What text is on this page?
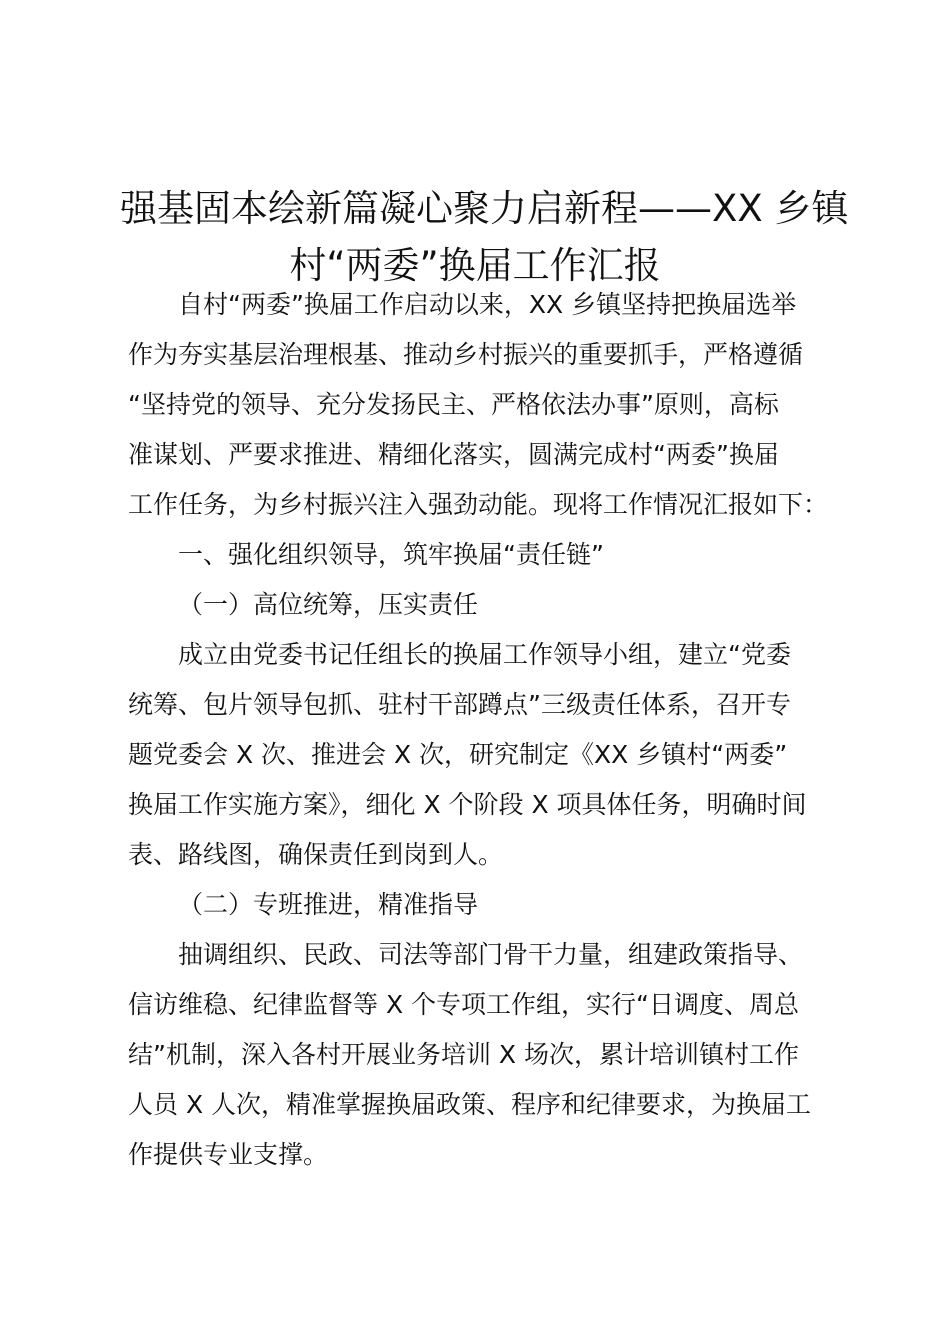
强基固本绘新篇凝心聚力启新程——XX 乡镇
村“两委”换届工作汇报

自村“两委”换届工作启动以来，XX 乡镇坚持把换届选举
作为夯实基层治理根基、推动乡村振兴的重要抓手，严格遵循
“坚持党的领导、充分发扬民主、严格依法办事”原则，高标
准谋划、严要求推进、精细化落实，圆满完成村“两委”换届
工作任务，为乡村振兴注入强劲动能。现将工作情况汇报如下：

一、强化组织领导，筑牢换届“责任链”

（一）高位统筹，压实责任

成立由党委书记任组长的换届工作领导小组，建立“党委
统筹、包片领导包抓、驻村干部蹲点”三级责任体系，召开专
题党委会 X 次、推进会 X 次，研究制定《XX 乡镇村“两委”
换届工作实施方案》，细化 X 个阶段 X 项具体任务，明确时间
表、路线图，确保责任到岗到人。

（二）专班推进，精准指导

抽调组织、民政、司法等部门骨干力量，组建政策指导、
信访维稳、纪律监督等 X 个专项工作组，实行“日调度、周总
结”机制，深入各村开展业务培训 X 场次，累计培训镇村工作
人员 X 人次，精准掌握换届政策、程序和纪律要求，为换届工
作提供专业支撑。
